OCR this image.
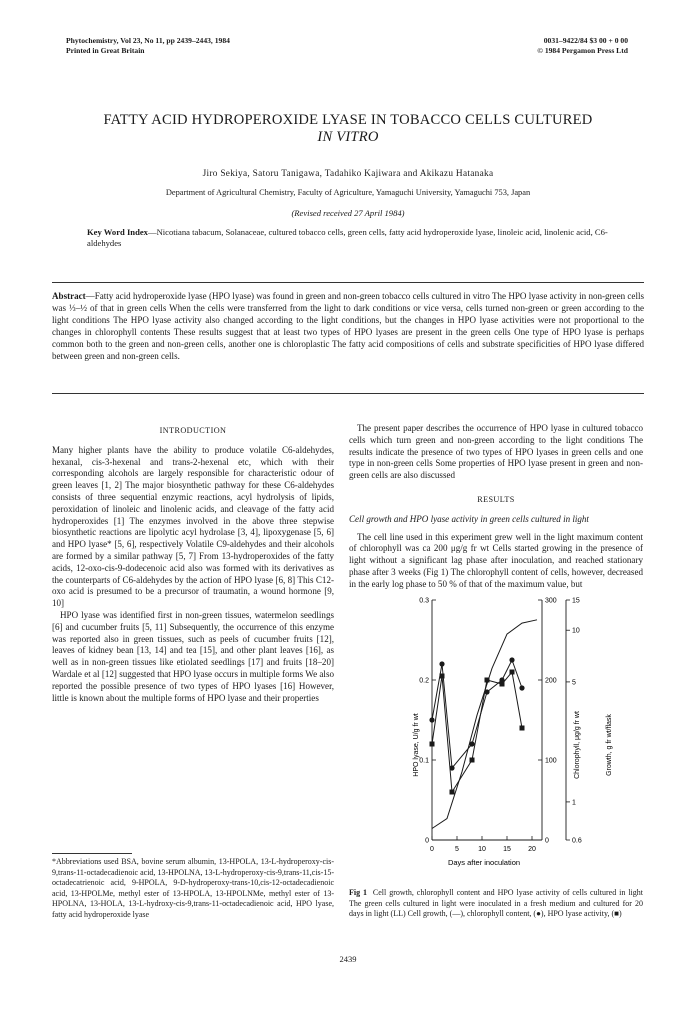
Phytochemistry, Vol 23, No 11, pp 2439–2443, 1984
Printed in Great Britain
0031–9422/84 $3 00 + 0 00
© 1984 Pergamon Press Ltd
FATTY ACID HYDROPEROXIDE LYASE IN TOBACCO CELLS CULTURED
IN VITRO
Jiro Sekiya, Satoru Tanigawa, Tadahiko Kajiwara and Akikazu Hatanaka
Department of Agricultural Chemistry, Faculty of Agriculture, Yamaguchi University, Yamaguchi 753, Japan
(Revised received 27 April 1984)
Key Word Index—Nicotiana tabacum, Solanaceae, cultured tobacco cells, green cells, fatty acid hydroperoxide lyase, linoleic acid, linolenic acid, C6-aldehydes
Abstract—Fatty acid hydroperoxide lyase (HPO lyase) was found in green and non-green tobacco cells cultured in vitro The HPO lyase activity in non-green cells was ⅓–½ of that in green cells When the cells were transferred from the light to dark conditions or vice versa, cells turned non-green or green according to the light conditions The HPO lyase activity also changed according to the light conditions, but the changes in HPO lyase activities were not proportional to the changes in chlorophyll contents These results suggest that at least two types of HPO lyases are present in the green cells One type of HPO lyase is perhaps common both to the green and non-green cells, another one is chloroplastic The fatty acid compositions of cells and substrate specificities of HPO lyase differed between green and non-green cells.
INTRODUCTION

Many higher plants have the ability to produce volatile C6-aldehydes, hexanal, cis-3-hexenal and trans-2-hexenal etc, which with their corresponding alcohols are largely responsible for characteristic odour of green leaves [1, 2] The major biosynthetic pathway for these C6-aldehydes consists of three sequential enzymic reactions, acyl hydrolysis of lipids, peroxidation of linoleic and linolenic acids, and cleavage of the fatty acid hydroperoxides [1] The enzymes involved in the above three stepwise biosynthetic reactions are lipolytic acyl hydrolase [3, 4], lipoxygenase [5, 6] and HPO lyase* [5, 6], respectively Volatile C9-aldehydes and their alcohols are formed by a similar pathway [5, 7] From 13-hydroperoxides of the fatty acids, 12-oxo-cis-9-dodecenoic acid also was formed with its derivatives as the counterparts of C6-aldehydes by the action of HPO lyase [6, 8] This C12-oxo acid is presumed to be a precursor of traumatin, a wound hormone [9, 10]

HPO lyase was identified first in non-green tissues, watermelon seedlings [6] and cucumber fruits [5, 11] Subsequently, the occurrence of this enzyme was reported also in green tissues, such as peels of cucumber fruits [12], leaves of kidney bean [13, 14] and tea [15], and other plant leaves [16], as well as in non-green tissues like etiolated seedlings [17] and fruits [18–20] Wardale et al [12] suggested that HPO lyase occurs in multiple forms We also reported the possible presence of two types of HPO lyases [16] However, little is known about the multiple forms of HPO lyase and their properties

The present paper describes the occurrence of HPO lyase in cultured tobacco cells which turn green and non-green according to the light conditions The results indicate the presence of two types of HPO lyases in green cells and one type in non-green cells Some properties of HPO lyase present in green and non-green cells are also discussed

RESULTS
Cell growth and HPO lyase activity in green cells cultured in light

The cell line used in this experiment grew well in the light maximum content of chlorophyll was ca 200 μg/g fr wt Cells started growing in the presence of light without a significant lag phase after inoculation, and reached stationary phase after 3 weeks (Fig 1) The chlorophyll content of cells, however, decreased in the early log phase to 50 % of that of the maximum value, but

0
0.1
0.2
0.3
0
100
200
300
0.6
1
5
10
15
0	5	10 15 20
Days after inoculation
HPO lyase, U/g fr wt	Chlorophyll, μg/g fr wt	Growth, g fr wt/flask
*Abbreviations used BSA, bovine serum albumin, 13-HPOLA, 13-L-hydroperoxy-cis-9,trans-11-octadecadienoic acid, 13-HPOLNA, 13-L-hydroperoxy-cis-9,trans-11,cis-15-octadecatrienoic acid, 9-HPOLA, 9-D-hydroperoxy-trans-10,cis-12-octadecadienoic acid, 13-HPOLMe, methyl ester of 13-HPOLA, 13-HPOLNMe, methyl ester of 13-HPOLNA, 13-HOLA, 13-L-hydroxy-cis-9,trans-11-octadecadienoic acid, HPO lyase, fatty acid hydroperoxide lyase
Fig 1 Cell growth, chlorophyll content and HPO lyase activity of cells cultured in light The green cells cultured in light were inoculated in a fresh medium and cultured for 20 days in light (LL) Cell growth, (—), chlorophyll content, (●), HPO lyase activity, (■)
2439
